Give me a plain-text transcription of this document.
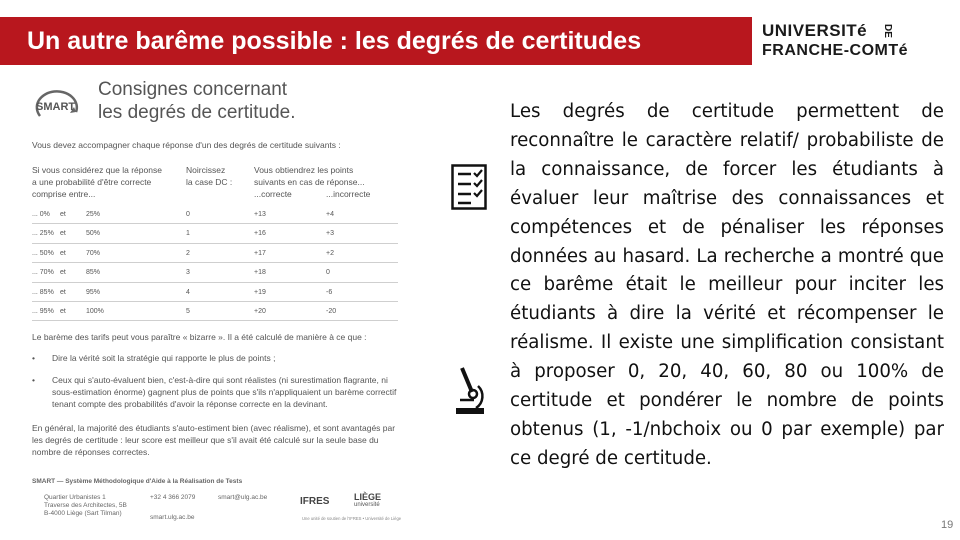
Un autre barême possible : les degrés de certitudes	UNIVERSITé
FRANCHE-COMTé
DE
SMART
Consignes concernant
les degrés de certitude.
Vous devez accompagner chaque réponse d'un des degrés de certitude suivants :
Si vous considérez que la réponse
a une probabilité d'être correcte
comprise entre...
Noircissez
la case DC :
Vous obtiendrez les points
suivants en cas de réponse...
...correcte	...incorrecte
... 0% et	25%	0	+13	+4
... 25% et	50%	1	+16	+3
... 50% et	70%	2	+17	+2
... 70% et	85%	3	+18	0
... 85% et	95%	4	+19	-6
... 95% et	100%	5	+20	-20
Le barème des tarifs peut vous paraître « bizarre ». Il a été calculé de manière à ce que :
• Dire la vérité soit la stratégie qui rapporte le plus de points ;
• Ceux qui s'auto-évaluent bien, c'est-à-dire qui sont réalistes (ni surestimation flagrante, ni sous-estimation énorme) gagnent plus de points que s'ils n'appliquaient un barème correctif tenant compte des probabilités d'avoir la réponse correcte en la devinant.
En général, la majorité des étudiants s'auto-estiment bien (avec réalisme), et sont avantagés par les degrés de certitude : leur score est meilleur que s'il avait été calculé sur la seule base du nombre de réponses correctes.
SMART — Système Méthodologique d'Aide à la Réalisation de Tests
Quartier Urbanistes 1
Traverse des Architectes, 5B
B-4000 Liège (Sart Tilman)
+32 4 366 2079	smart@ulg.ac.be
smart.ulg.ac.be
IFRES	LIÈGE
université
Une unité de soutien de l'IFRES • Université de Liège

Les degrés de certitude permettent de reconnaître le caractère relatif/ probabiliste de la connaissance, de forcer les étudiants à évaluer leur maîtrise des connaissances et compétences et de pénaliser les réponses données au hasard. La recherche a montré que ce barême était le meilleur pour inciter les étudiants à dire la vérité et récompenser le réalisme. Il existe une simplification consistant à proposer 0, 20, 40, 60, 80 ou 100% de certitude et pondérer le nombre de points obtenus (1, -1/nbchoix ou 0 par exemple) par ce degré de certitude.

19
